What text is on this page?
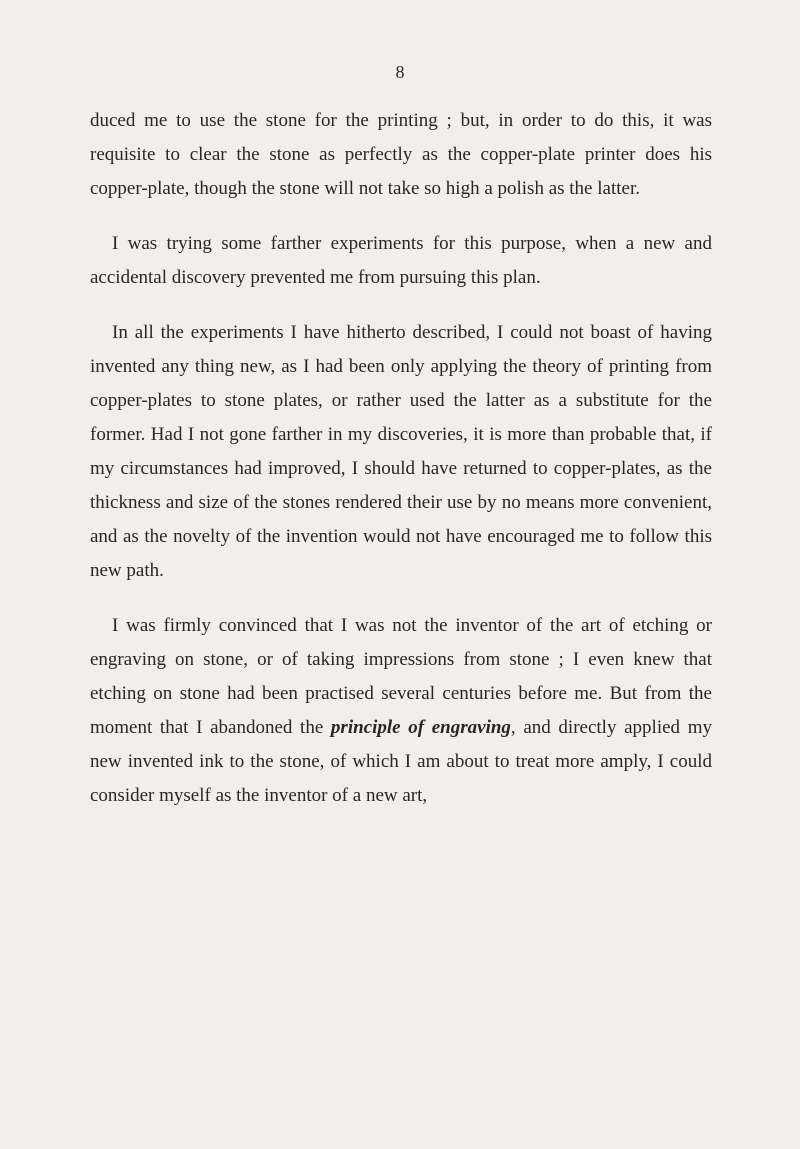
8

duced me to use the stone for the printing ; but, in order to do this, it was requisite to clear the stone as perfectly as the copper-plate printer does his copper-plate, though the stone will not take so high a polish as the latter.

I was trying some farther experiments for this purpose, when a new and accidental discovery prevented me from pursuing this plan.

In all the experiments I have hitherto described, I could not boast of having invented any thing new, as I had been only applying the theory of printing from copper-plates to stone plates, or rather used the latter as a substitute for the former. Had I not gone farther in my discoveries, it is more than probable that, if my circumstances had improved, I should have returned to copper-plates, as the thickness and size of the stones rendered their use by no means more convenient, and as the novelty of the invention would not have encouraged me to follow this new path.

I was firmly convinced that I was not the inventor of the art of etching or engraving on stone, or of taking impressions from stone ; I even knew that etching on stone had been practised several centuries before me. But from the moment that I abandoned the principle of engraving, and directly applied my new invented ink to the stone, of which I am about to treat more amply, I could consider myself as the inventor of a new art,
